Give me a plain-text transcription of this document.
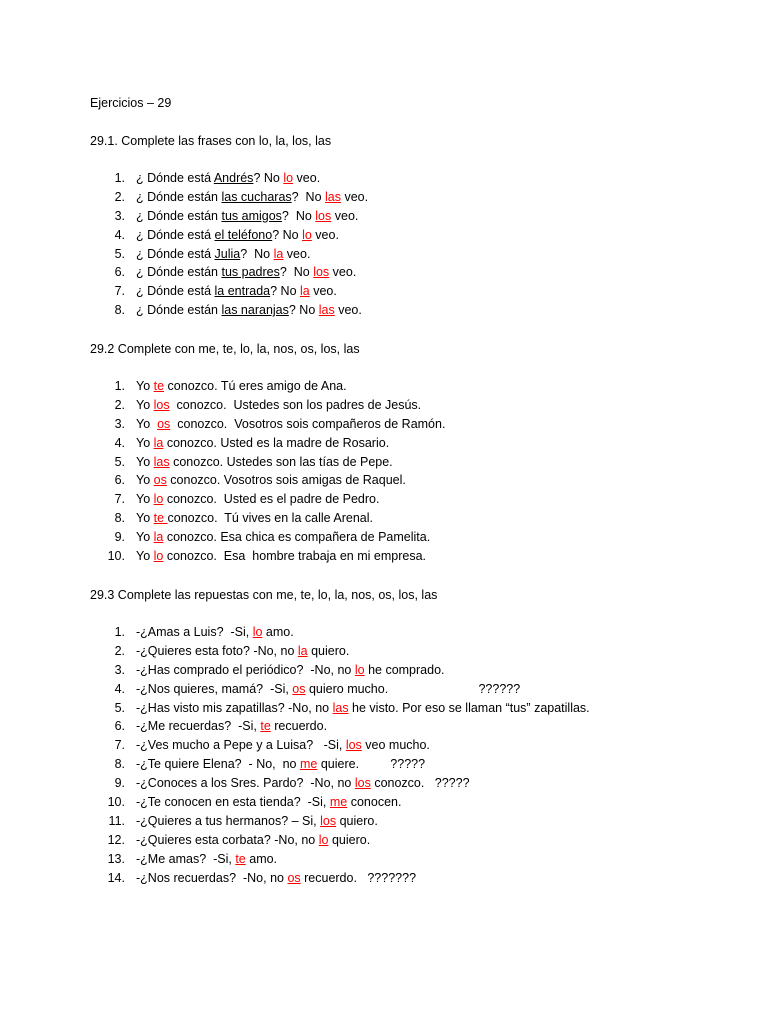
Ejercicios – 29
29.1. Complete las frases con lo, la, los, las
1. ¿ Dónde está Andrés? No lo veo.
2. ¿ Dónde están las cucharas?  No las veo.
3. ¿ Dónde están tus amigos?  No los veo.
4. ¿ Dónde está el teléfono? No lo veo.
5. ¿ Dónde está Julia?  No la veo.
6. ¿ Dónde están tus padres?  No los veo.
7. ¿ Dónde está la entrada? No la veo.
8. ¿ Dónde están las naranjas? No las veo.
29.2 Complete con me, te, lo, la, nos, os, los, las
1. Yo te conozco. Tú eres amigo de Ana.
2. Yo los  conozco.  Ustedes son los padres de Jesús.
3. Yo  os  conozco.  Vosotros sois compañeros de Ramón.
4. Yo la conozco. Usted es la madre de Rosario.
5. Yo las conozco. Ustedes son las tías de Pepe.
6. Yo os conozco. Vosotros sois amigas de Raquel.
7. Yo lo conozco.  Usted es el padre de Pedro.
8. Yo te conozco.  Tú vives en la calle Arenal.
9. Yo la conozco. Esa chica es compañera de Pamelita.
10. Yo lo conozco.  Esa  hombre trabaja en mi empresa.
29.3 Complete las repuestas con me, te, lo, la, nos, os, los, las
1. -¿Amas a Luis?  -Si, lo amo.
2. -¿Quieres esta foto? -No, no la quiero.
3. -¿Has comprado el periódico?  -No, no lo he comprado.
4. -¿Nos quieres, mamá?  -Si, os quiero mucho.                          ??????
5. -¿Has visto mis zapatillas? -No, no las he visto. Por eso se llaman “tus” zapatillas.
6. -¿Me recuerdas?  -Si, te recuerdo.
7. -¿Ves mucho a Pepe y a Luisa?   -Si, los veo mucho.
8. -¿Te quiere Elena?  - No,  no me quiere.         ?????
9. -¿Conoces a los Sres. Pardo?  -No, no los conozco.   ?????
10. -¿Te conocen en esta tienda?  -Si, me conocen.
11. -¿Quieres a tus hermanos? – Si, los quiero.
12. -¿Quieres esta corbata? -No, no lo quiero.
13. -¿Me amas?  -Si, te amo.
14. -¿Nos recuerdas?  -No, no os recuerdo.   ???????
